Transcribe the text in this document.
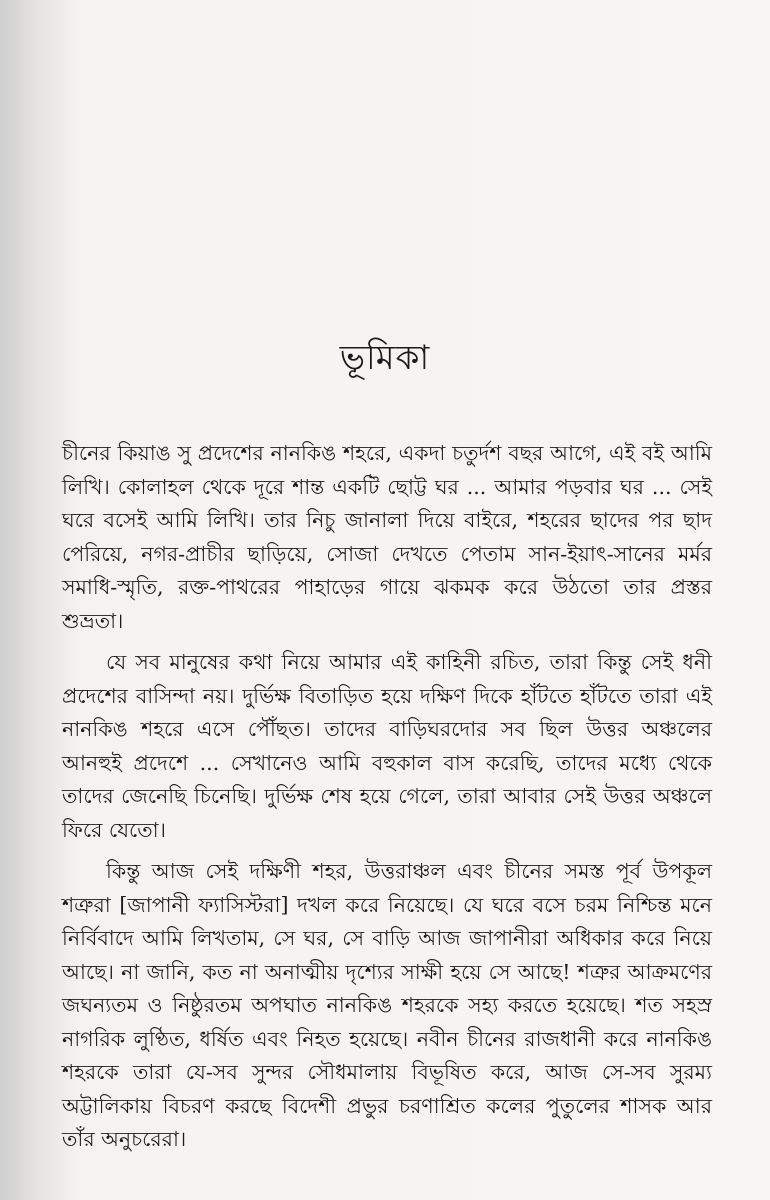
ভূমিকা

চীনের কিয়াঙ সু প্রদেশের নানকিঙ শহরে, একদা চতুর্দশ বছর আগে, এই বই আমি লিখি। কোলাহল থেকে দূরে শান্ত একটি ছোট্ট ঘর ... আমার পড়বার ঘর ... সেই ঘরে বসেই আমি লিখি। তার নিচু জানালা দিয়ে বাইরে, শহরের ছাদের পর ছাদ পেরিয়ে, নগর-প্রাচীর ছাড়িয়ে, সোজা দেখতে পেতাম সান-ইয়াৎ-সানের মর্মর সমাধি-স্মৃতি, রক্ত-পাথরের পাহাড়ের গায়ে ঝকমক করে উঠতো তার প্রস্তর শুভ্রতা।

যে সব মানুষের কথা নিয়ে আমার এই কাহিনী রচিত, তারা কিন্তু সেই ধনী প্রদেশের বাসিন্দা নয়। দুর্ভিক্ষ বিতাড়িত হয়ে দক্ষিণ দিকে হাঁটতে হাঁটতে তারা এই নানকিঙ শহরে এসে পৌঁছত। তাদের বাড়িঘরদোর সব ছিল উত্তর অঞ্চলের আনহুই প্রদেশে ... সেখানেও আমি বহুকাল বাস করেছি, তাদের মধ্যে থেকে তাদের জেনেছি চিনেছি। দুর্ভিক্ষ শেষ হয়ে গেলে, তারা আবার সেই উত্তর অঞ্চলে ফিরে যেতো।

কিন্তু আজ সেই দক্ষিণী শহর, উত্তরাঞ্চল এবং চীনের সমস্ত পূর্ব উপকূল শত্রুরা [জাপানী ফ্যাসিস্টরা] দখল করে নিয়েছে। যে ঘরে বসে চরম নিশ্চিন্ত মনে নির্বিবাদে আমি লিখতাম, সে ঘর, সে বাড়ি আজ জাপানীরা অধিকার করে নিয়ে আছে। না জানি, কত না অনাত্মীয় দৃশ্যের সাক্ষী হয়ে সে আছে! শত্রুর আক্রমণের জঘন্যতম ও নিষ্ঠুরতম অপঘাত নানকিঙ শহরকে সহ্য করতে হয়েছে। শত সহস্র নাগরিক লুণ্ঠিত, ধর্ষিত এবং নিহত হয়েছে। নবীন চীনের রাজধানী করে নানকিঙ শহরকে তারা যে-সব সুন্দর সৌধমালায় বিভূষিত করে, আজ সে-সব সুরম্য অট্টালিকায় বিচরণ করছে বিদেশী প্রভুর চরণাশ্রিত কলের পুতুলের শাসক আর তাঁর অনুচরেরা।
